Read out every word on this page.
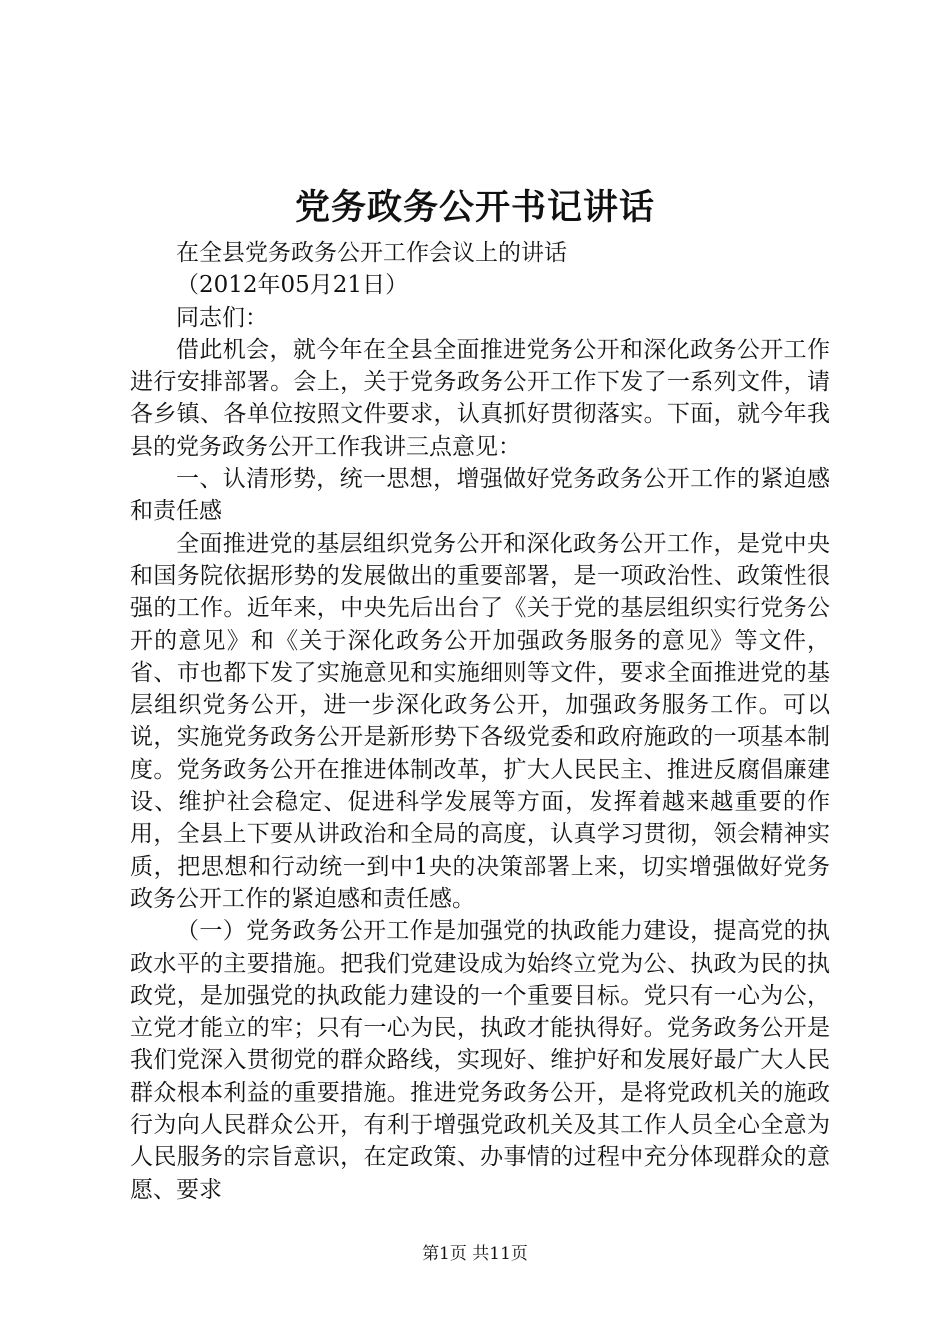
党务政务公开书记讲话

在全县党务政务公开工作会议上的讲话

（2012年05月21日）

同志们：

借此机会，就今年在全县全面推进党务公开和深化政务公开工作进行安排部署。会上，关于党务政务公开工作下发了一系列文件，请各乡镇、各单位按照文件要求，认真抓好贯彻落实。下面，就今年我县的党务政务公开工作我讲三点意见：

一、认清形势，统一思想，增强做好党务政务公开工作的紧迫感和责任感

全面推进党的基层组织党务公开和深化政务公开工作，是党中央和国务院依据形势的发展做出的重要部署，是一项政治性、政策性很强的工作。近年来，中央先后出台了《关于党的基层组织实行党务公开的意见》和《关于深化政务公开加强政务服务的意见》等文件，省、市也都下发了实施意见和实施细则等文件，要求全面推进党的基层组织党务公开，进一步深化政务公开，加强政务服务工作。可以说，实施党务政务公开是新形势下各级党委和政府施政的一项基本制度。党务政务公开在推进体制改革，扩大人民民主、推进反腐倡廉建设、维护社会稳定、促进科学发展等方面，发挥着越来越重要的作用，全县上下要从讲政治和全局的高度，认真学习贯彻，领会精神实质，把思想和行动统一到中1央的决策部署上来，切实增强做好党务政务公开工作的紧迫感和责任感。

（一）党务政务公开工作是加强党的执政能力建设，提高党的执政水平的主要措施。把我们党建设成为始终立党为公、执政为民的执政党，是加强党的执政能力建设的一个重要目标。党只有一心为公，立党才能立的牢；只有一心为民，执政才能执得好。党务政务公开是我们党深入贯彻党的群众路线，实现好、维护好和发展好最广大人民群众根本利益的重要措施。推进党务政务公开，是将党政机关的施政行为向人民群众公开，有利于增强党政机关及其工作人员全心全意为人民服务的宗旨意识，在定政策、办事情的过程中充分体现群众的意愿、要求

第1页 共11页
